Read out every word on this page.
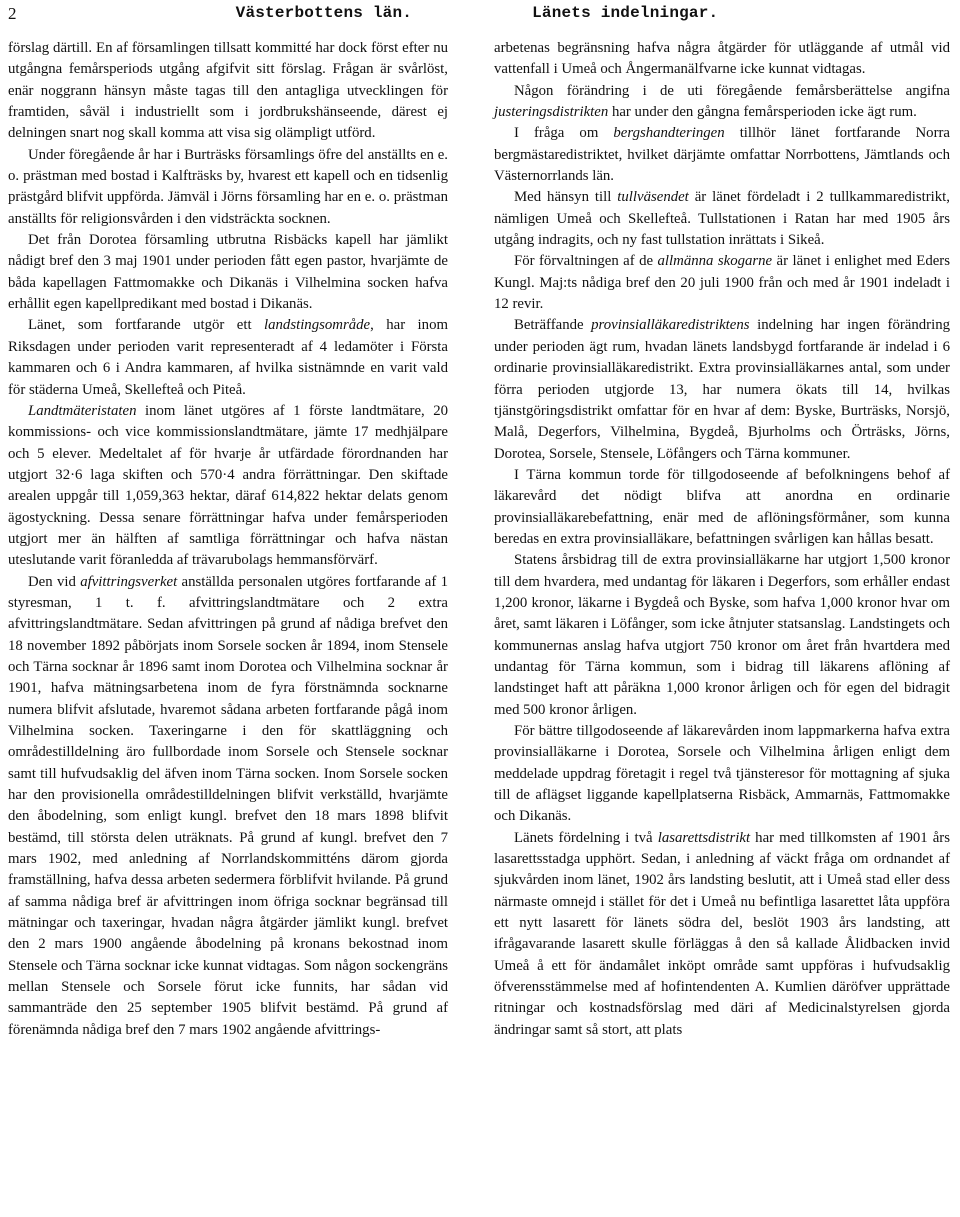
2	Västerbottens län.	Länets indelningar.

förslag därtill. En af församlingen tillsatt kommitté har dock först efter nu utgångna femårsperiods utgång afgifvit sitt förslag. Frågan är svårlöst, enär noggrann hänsyn måste tagas till den antagliga utvecklingen för framtiden, såväl i industriellt som i jordbrukshänseende, därest ej delningen snart nog skall komma att visa sig olämpligt utförd.

Under föregående år har i Burträsks församlings öfre del anställts en e. o. prästman med bostad i Kalfträsks by, hvarest ett kapell och en tidsenlig prästgård blifvit uppförda. Jämväl i Jörns församling har en e. o. prästman anställts för religionsvården i den vidsträckta socknen.

Det från Dorotea församling utbrutna Risbäcks kapell har jämlikt nådigt bref den 3 maj 1901 under perioden fått egen pastor, hvarjämte de båda kapellagen Fattmomakke och Dikanäs i Vilhelmina socken hafva erhållit egen kapellpredikant med bostad i Dikanäs.

Länet, som fortfarande utgör ett landstingsområde, har inom Riksdagen under perioden varit representeradt af 4 ledamöter i Första kammaren och 6 i Andra kammaren, af hvilka sistnämnde en varit vald för städerna Umeå, Skellefteå och Piteå.

Landtmäteristaten inom länet utgöres af 1 förste landtmätare, 20 kommissions- och vice kommissionslandtmätare, jämte 17 medhjälpare och 5 elever. Medeltalet af för hvarje år utfärdade förordnanden har utgjort 32·6 laga skiften och 570·4 andra förrättningar. Den skiftade arealen uppgår till 1,059,363 hektar, däraf 614,822 hektar delats genom ägostyckning. Dessa senare förrättningar hafva under femårsperioden utgjort mer än hälften af samtliga förrättningar och hafva nästan uteslutande varit föranledda af trävarubolags hemmansförvärf.

Den vid afvittringsverket anställda personalen utgöres fortfarande af 1 styresman, 1 t. f. afvittringslandtmätare och 2 extra afvittringslandtmätare. Sedan afvittringen på grund af nådiga brefvet den 18 november 1892 påbörjats inom Sorsele socken år 1894, inom Stensele och Tärna socknar år 1896 samt inom Dorotea och Vilhelmina socknar år 1901, hafva mätningsarbetena inom de fyra förstnämnda socknarne numera blifvit afslutade, hvaremot sådana arbeten fortfarande pågå inom Vilhelmina socken. Taxeringarne i den för skattläggning och områdestilldelning äro fullbordade inom Sorsele och Stensele socknar samt till hufvudsaklig del äfven inom Tärna socken. Inom Sorsele socken har den provisionella områdestilldelningen blifvit verkställd, hvarjämte den åbodelning, som enligt kungl. brefvet den 18 mars 1898 blifvit bestämd, till största delen uträknats. På grund af kungl. brefvet den 7 mars 1902, med anledning af Norrlandskommitténs därom gjorda framställning, hafva dessa arbeten sedermera förblifvit hvilande. På grund af samma nådiga bref är afvittringen inom öfriga socknar begränsad till mätningar och taxeringar, hvadan några åtgärder jämlikt kungl. brefvet den 2 mars 1900 angående åbodelning på kronans bekostnad inom Stensele och Tärna socknar icke kunnat vidtagas. Som någon sockengräns mellan Stensele och Sorsele förut icke funnits, har sådan vid sammanträde den 25 september 1905 blifvit bestämd. På grund af förenämnda nådiga bref den 7 mars 1902 angående afvittrings-

arbetenas begränsning hafva några åtgärder för utläggande af utmål vid vattenfall i Umeå och Ångermanälfvarne icke kunnat vidtagas.

Någon förändring i de uti föregående femårsberättelse angifna justeringsdistrikten har under den gångna femårsperioden icke ägt rum.

I fråga om bergshandteringen tillhör länet fortfarande Norra bergmästaredistriktet, hvilket därjämte omfattar Norrbottens, Jämtlands och Västernorrlands län.

Med hänsyn till tullväsendet är länet fördeladt i 2 tullkammaredistrikt, nämligen Umeå och Skellefteå. Tullstationen i Ratan har med 1905 års utgång indragits, och ny fast tullstation inrättats i Sikeå.

För förvaltningen af de allmänna skogarne är länet i enlighet med Eders Kungl. Maj:ts nådiga bref den 20 juli 1900 från och med år 1901 indeladt i 12 revir.

Beträffande provinsialläkaredistriktens indelning har ingen förändring under perioden ägt rum, hvadan länets landsbygd fortfarande är indelad i 6 ordinarie provinsialläkaredistrikt. Extra provinsialläkarnes antal, som under förra perioden utgjorde 13, har numera ökats till 14, hvilkas tjänstgöringsdistrikt omfattar för en hvar af dem: Byske, Burträsks, Norsjö, Malå, Degerfors, Vilhelmina, Bygdeå, Bjurholms och Örträsks, Jörns, Dorotea, Sorsele, Stensele, Löfångers och Tärna kommuner.

I Tärna kommun torde för tillgodoseende af befolkningens behof af läkarevård det nödigt blifva att anordna en ordinarie provinsialläkarebefattning, enär med de aflöningsförmåner, som kunna beredas en extra provinsialläkare, befattningen svårligen kan hållas besatt.

Statens årsbidrag till de extra provinsialläkarne har utgjort 1,500 kronor till dem hvardera, med undantag för läkaren i Degerfors, som erhåller endast 1,200 kronor, läkarne i Bygdeå och Byske, som hafva 1,000 kronor hvar om året, samt läkaren i Löfånger, som icke åtnjuter statsanslag. Landstingets och kommunernas anslag hafva utgjort 750 kronor om året från hvartdera med undantag för Tärna kommun, som i bidrag till läkarens aflöning af landstinget haft att påräkna 1,000 kronor årligen och för egen del bidragit med 500 kronor årligen.

För bättre tillgodoseende af läkarevården inom lappmarkerna hafva extra provinsialläkarne i Dorotea, Sorsele och Vilhelmina årligen enligt dem meddelade uppdrag företagit i regel två tjänsteresor för mottagning af sjuka till de aflägset liggande kapellplatserna Risbäck, Ammarnäs, Fattmomakke och Dikanäs.

Länets fördelning i två lasarettsdistrikt har med tillkomsten af 1901 års lasarettsstadga upphört. Sedan, i anledning af väckt fråga om ordnandet af sjukvården inom länet, 1902 års landsting beslutit, att i Umeå stad eller dess närmaste omnejd i stället för det i Umeå nu befintliga lasarettet låta uppföra ett nytt lasarett för länets södra del, beslöt 1903 års landsting, att ifrågavarande lasarett skulle förläggas å den så kallade Ålidbacken invid Umeå å ett för ändamålet inköpt område samt uppföras i hufvudsaklig öfverensstämmelse med af hofintendenten A. Kumlien däröfver upprättade ritningar och kostnadsförslag med däri af Medicinalstyrelsen gjorda ändringar samt så stort, att plats
